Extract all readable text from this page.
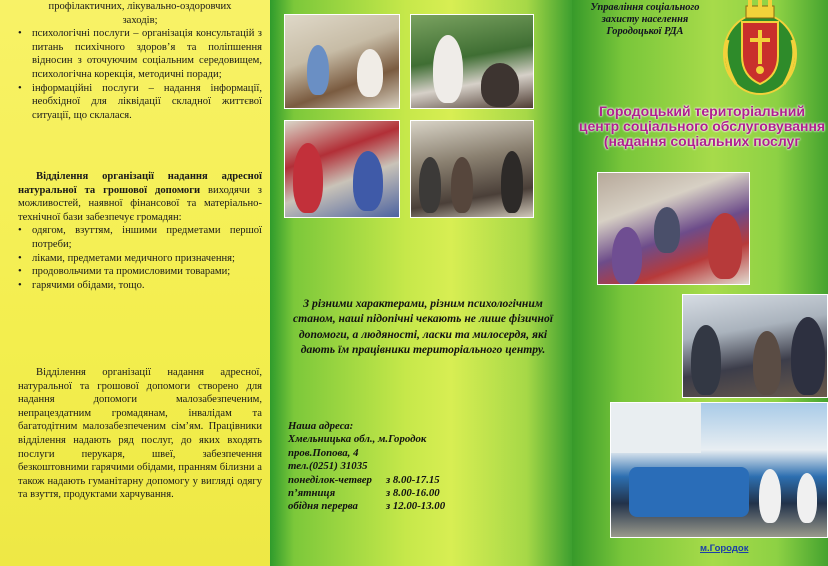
профілактичних, лікувально-оздоровчих

заходів;

• психологічні послуги – організація консультацій з питань психічного здоров’я та поліпшення відносин з оточуючим соціальним середовищем, психологічна корекція, методичні поради;

• інформаційні послуги – надання інформації, необхідної для ліквідації складної життєвої ситуації, що склалася.

Відділення організації надання адресної натуральної та грошової допомоги виходячи з можливостей, наявної фінансової та матеріально-технічної бази забезпечує громадян:

• одягом, взуттям, іншими предметами першої потреби;

• ліками, предметами медичного призначення;

• продовольчими та промисловими товарами;

• гарячими обідами, тощо.

Відділення організації надання адресної, натуральної та грошової допомоги створено для надання допомоги малозабезпеченим, непрацездатним громадянам, інвалідам та багатодітним малозабезпеченим сім’ям. Працівники відділення надають ряд послуг, до яких входять послуги перукаря, швеї, забезпечення безкоштовними гарячими обідами, пранням білизни а також надають гуманітарну допомогу у вигляді одягу та взуття, продуктами харчування.

З різними характерами, різним психологічним станом, наші підопічні чекають не лише фізичної допомоги, а людяності, ласки та милосердя, які дають їм працівники територіального центру.
Наша адреса:
Хмельницька обл., м.Городок
пров.Попова, 4
тел.(0251) 31035
понеділок-четвер з 8.00-17.15
п’ятниця	з 8.00-16.00
обідня перерва	з 12.00-13.00
Управління соціального захисту населення Городоцької РДА
Городоцький територіальний центр соціального обслуговування (надання соціальних послуг
м.Городок
